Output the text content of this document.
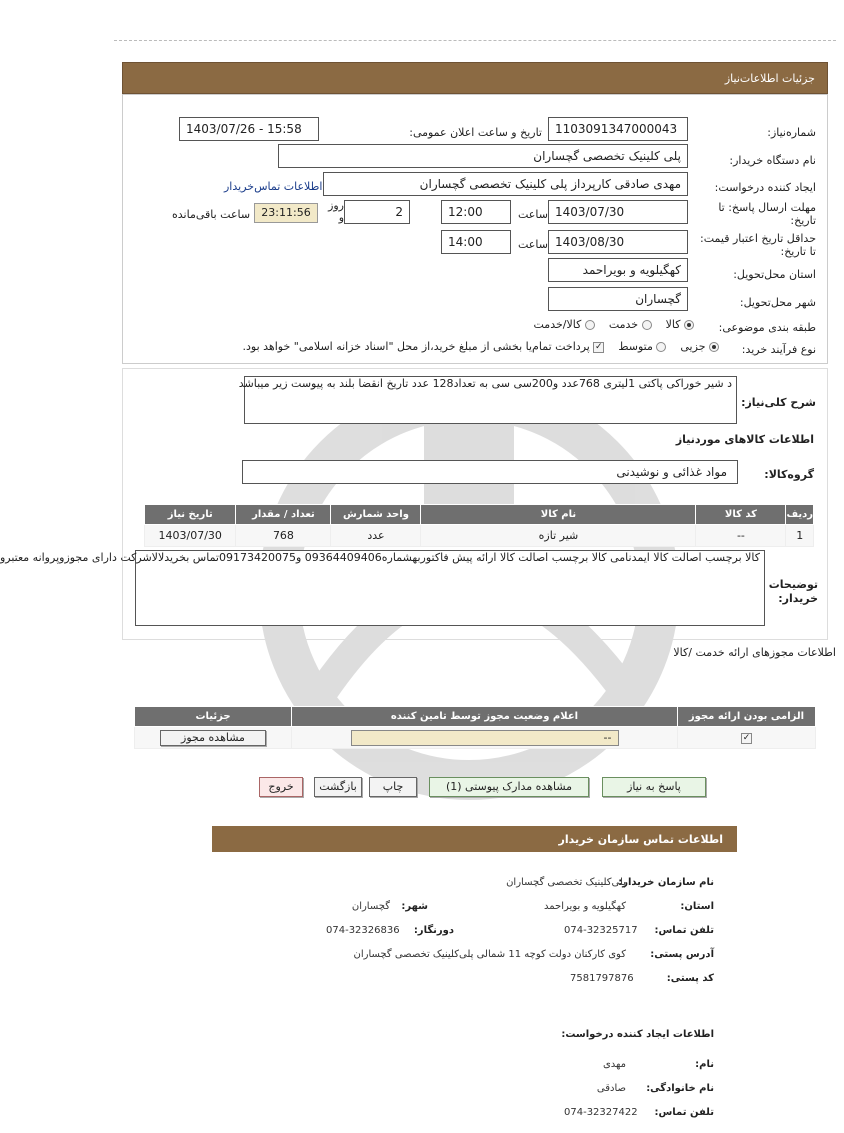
جزئیات اطلاعات‌نیاز
شماره‌نیاز:
1103091347000043
تاریخ و ساعت اعلان عمومی:
1403/07/26 - 15:58
نام دستگاه خریدار:
پلی کلینیک تخصصی گچساران
ایجاد کننده درخواست:
مهدی صادقی کارپرداز پلی کلینیک تخصصی گچساران
اطلاعات تماس‌خریدار
مهلت ارسال پاسخ: تا تاریخ:
1403/07/30
ساعت
12:00
2
روز و
23:11:56
ساعت باقی‌مانده
حداقل تاریخ اعتبار قیمت: تا تاریخ:
1403/08/30
ساعت
14:00
استان محل‌تحویل:
کهگیلویه و بویراحمد
شهر محل‌تحویل:
گچساران
طبقه بندی موضوعی:
کالا
خدمت
کالا/خدمت
نوع فرآیند خرید:
جزیی
متوسط
✓ پرداخت تمام‌یا بخشی از مبلغ خرید،از محل "اسناد خزانه اسلامی" خواهد بود.
شرح کلی‌نیاز:
د شیر خوراکی پاکتی 1لیتری 768عدد و200سی سی به تعداد128 عدد تاریخ انقضا بلند به پیوست زیر میباشد
اطلاعات کالاهای موردنیاز
گروه‌کالا:
مواد غذائی و نوشیدنی
ردیف	کد کالا	نام کالا	واحد شمارش	تعداد / مقدار	تاریخ نیاز
1	--	شیر تازه	عدد	768	1403/07/30
توضیحات خریدار:
کالا برچسب اصالت کالا ایمدنامی کالا برچسب اصالت کالا ارائه پیش فاکتوربهشماره09364409406 و09173420075تماس بخریدلالاشرکت دارای مجوزوپروانه معتبرو
اطلاعات مجوزهای ارائه خدمت /کالا
الزامی بودن ارائه مجوز	اعلام وضعیت مجوز توسط تامین کننده	جزئیات
✓	--	مشاهده مجوز
پاسخ به نیاز
مشاهده مدارک پیوستی (1)
چاپ
بازگشت
خروج
اطلاعات تماس سازمان خریدار
نام سازمان خریدار:
پلی‌کلینیک تخصصی گچساران
استان:
کهگیلویه و بویراحمد
شهر:
گچساران
تلفن تماس:
074-32325717
دورنگار:
074-32326836
آدرس پستی:
کوی کارکنان دولت کوچه 11 شمالی پلی‌کلینیک تخصصی گچساران
کد پستی:
7581797876
اطلاعات ایجاد کننده درخواست:
نام:
مهدی
نام خانوادگی:
صادقی
تلفن تماس:
074-32327422
